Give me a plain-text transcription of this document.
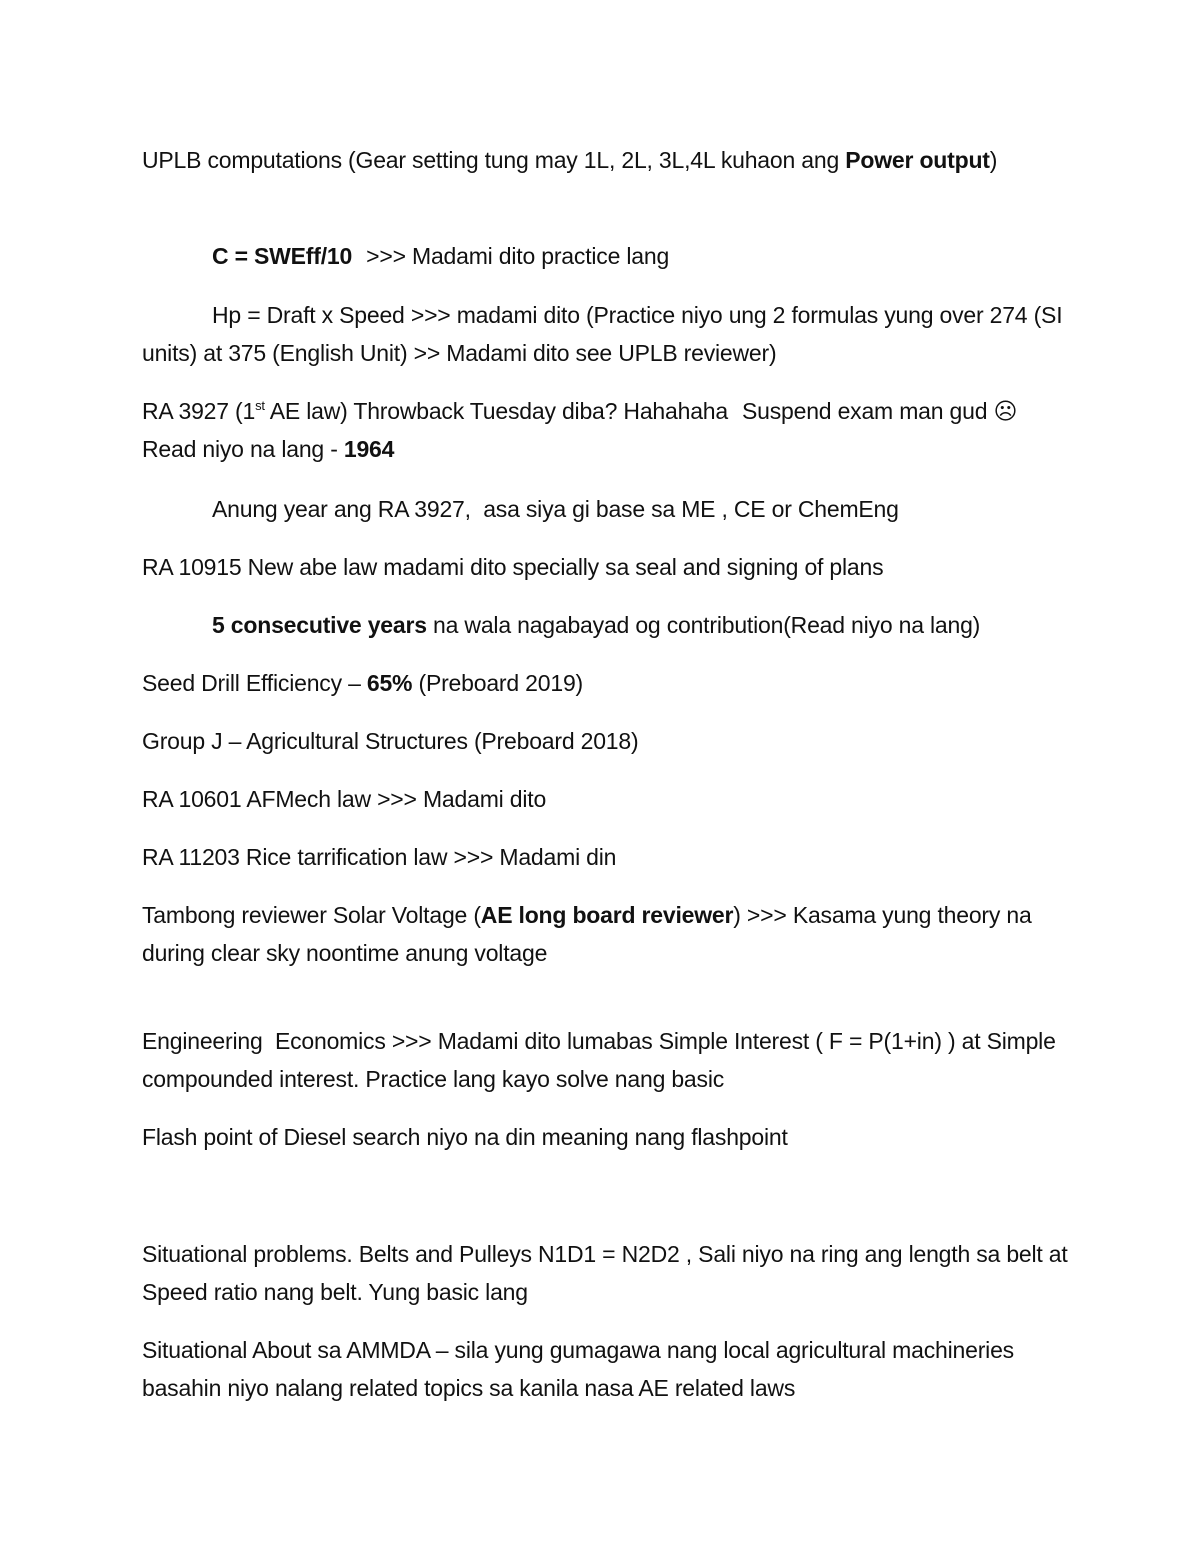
UPLB computations (Gear setting tung may 1L, 2L, 3L,4L kuhaon ang Power output)

C = SWEff/10 >>> Madami dito practice lang

Hp = Draft x Speed >>> madami dito (Practice niyo ung 2 formulas yung over 274 (SI units) at 375 (English Unit) >> Madami dito see UPLB reviewer)

RA 3927 (1st AE law) Throwback Tuesday diba? Hahahaha Suspend exam man gud ☹ Read niyo na lang - 1964

Anung year ang RA 3927,  asa siya gi base sa ME , CE or ChemEng

RA 10915 New abe law madami dito specially sa seal and signing of plans

5 consecutive years na wala nagabayad og contribution(Read niyo na lang)

Seed Drill Efficiency – 65% (Preboard 2019)

Group J – Agricultural Structures (Preboard 2018)

RA 10601 AFMech law >>> Madami dito

RA 11203 Rice tarrification law >>> Madami din

Tambong reviewer Solar Voltage (AE long board reviewer) >>> Kasama yung theory na during clear sky noontime anung voltage

Engineering  Economics >>> Madami dito lumabas Simple Interest ( F = P(1+in) ) at Simple compounded interest. Practice lang kayo solve nang basic

Flash point of Diesel search niyo na din meaning nang flashpoint

Situational problems. Belts and Pulleys N1D1 = N2D2 , Sali niyo na ring ang length sa belt at Speed ratio nang belt. Yung basic lang

Situational About sa AMMDA – sila yung gumagawa nang local agricultural machineries basahin niyo nalang related topics sa kanila nasa AE related laws
